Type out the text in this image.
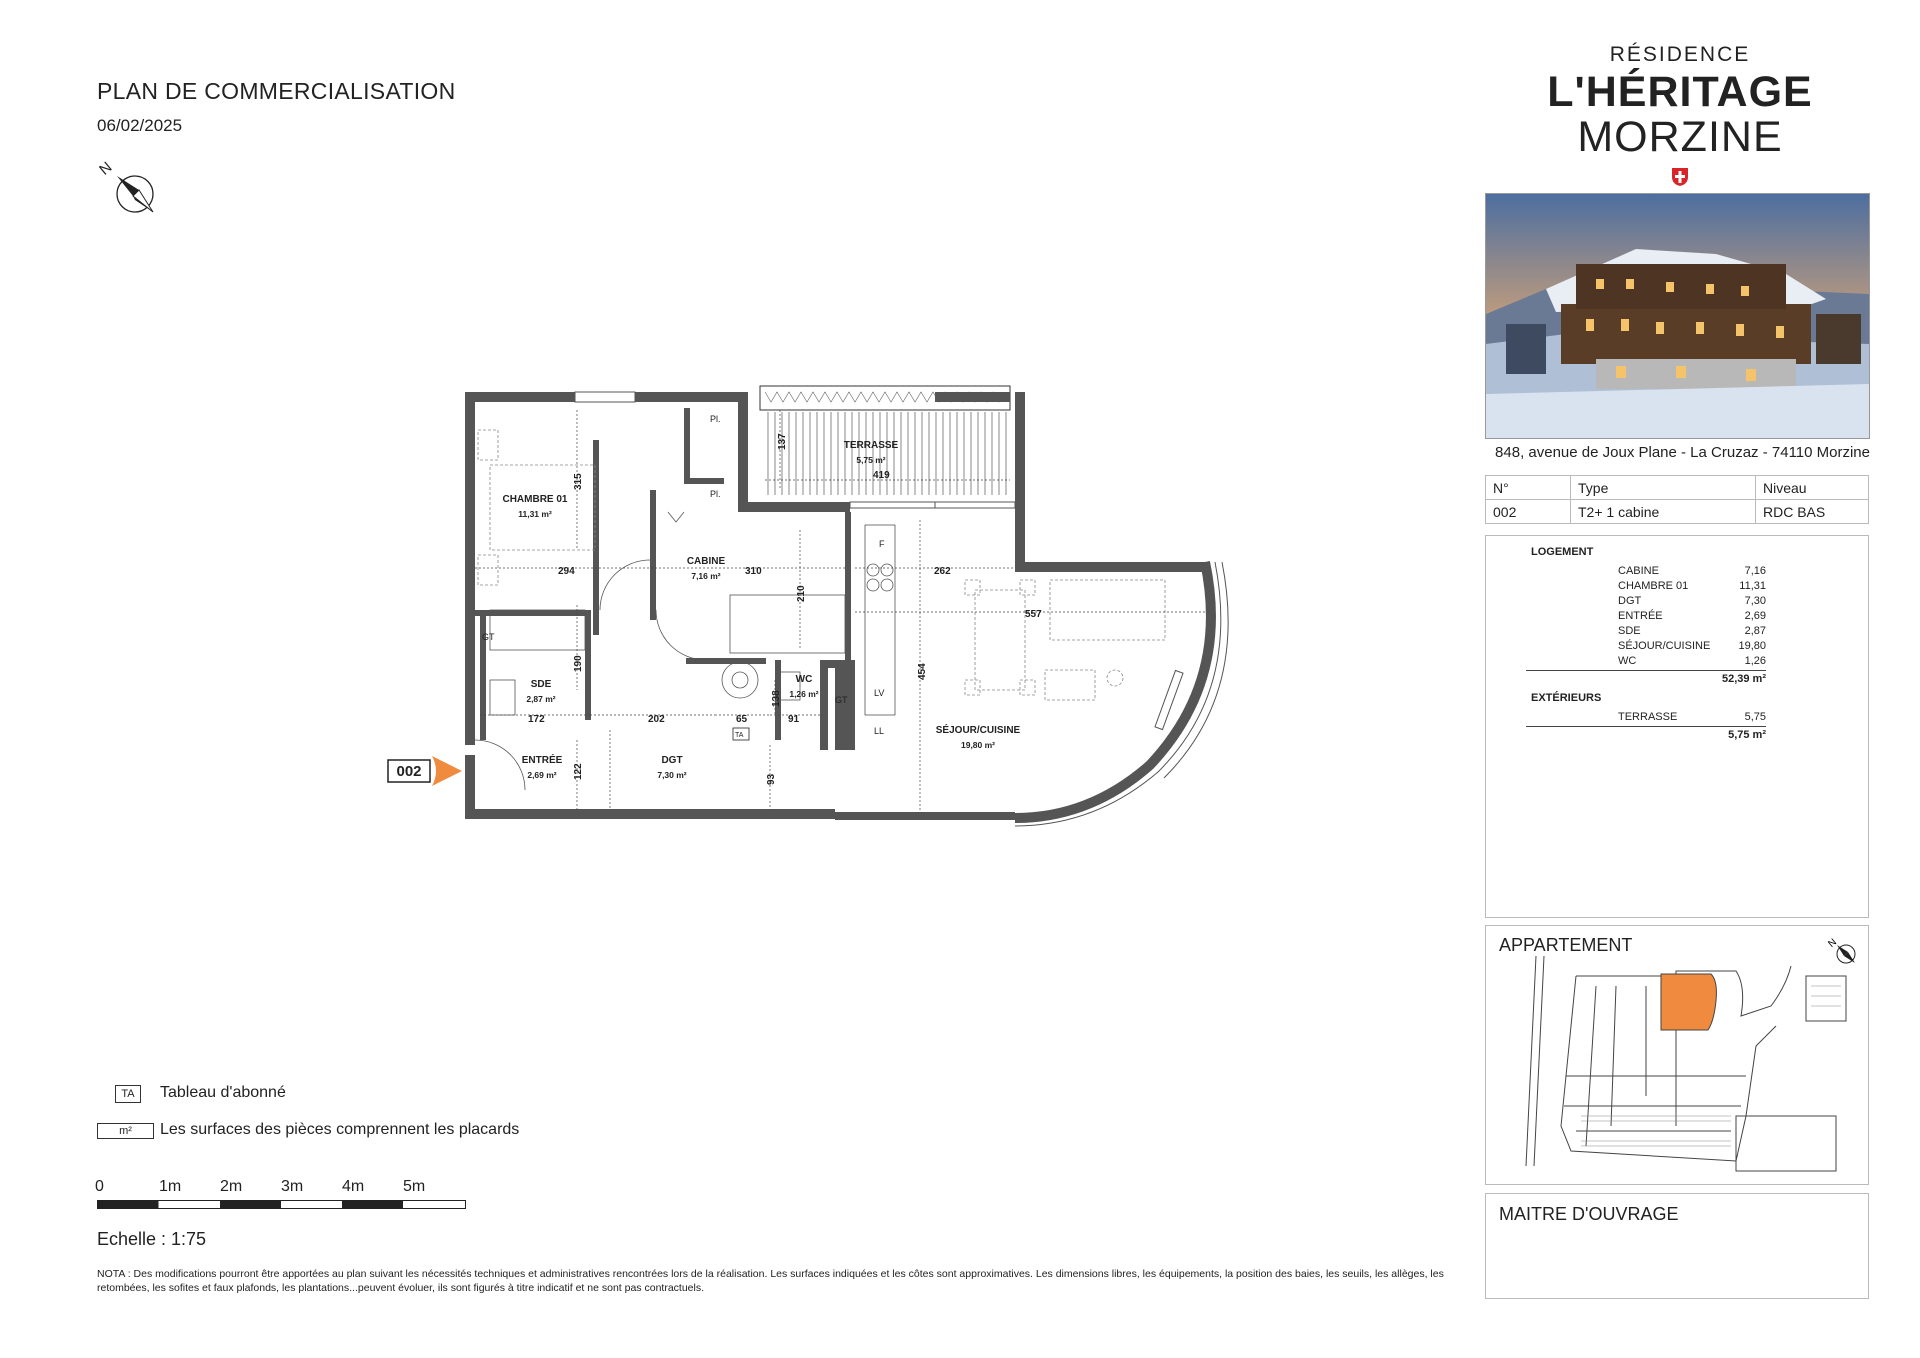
PLAN DE COMMERCIALISATION
06/02/2025
N
RÉSIDENCE
L'HÉRITAGE
MORZINE
848, avenue de Joux Plane - La Cruzaz - 74110 Morzine
N°	Type	Niveau
002	T2+ 1 cabine	RDC BAS
LOGEMENT
CABINE	7,16
CHAMBRE 01	11,31
DGT	7,30
ENTRÉE	2,69
SDE	2,87
SÉJOUR/CUISINE	19,80
WC	1,26
52,39 m²
EXTÉRIEURS
TERRASSE	5,75
5,75 m²
APPARTEMENT	N
MAITRE D'OUVRAGE
137
419
315
294	310	262
210
557
454
190
172	202	65
138
91
122	93
TERRASSE
5,75 m²
CHAMBRE 01
11,31 m²
CABINE
7,16 m²
SDE
2,87 m²
WC
1,26 m²
ENTRÉE
2,69 m²
DGT
7,30 m²
SÉJOUR/CUISINE
19,80 m²
Pl.
Pl.
GT
GT
F
LV
LL
TA
002
TA	Tableau d'abonné
m²	Les surfaces des pièces comprennent les placards
0	1m 2m 3m 4m 5m
Echelle : 1:75
NOTA : Des modifications pourront être apportées au plan suivant les nécessités techniques et administratives rencontrées lors de la réalisation. Les surfaces indiquées et les côtes sont approximatives. Les dimensions libres, les équipements, la position des baies, les seuils, les allèges, les retombées, les sofites et faux plafonds, les plantations...peuvent évoluer, ils sont figurés à titre indicatif et ne sont pas contractuels.
